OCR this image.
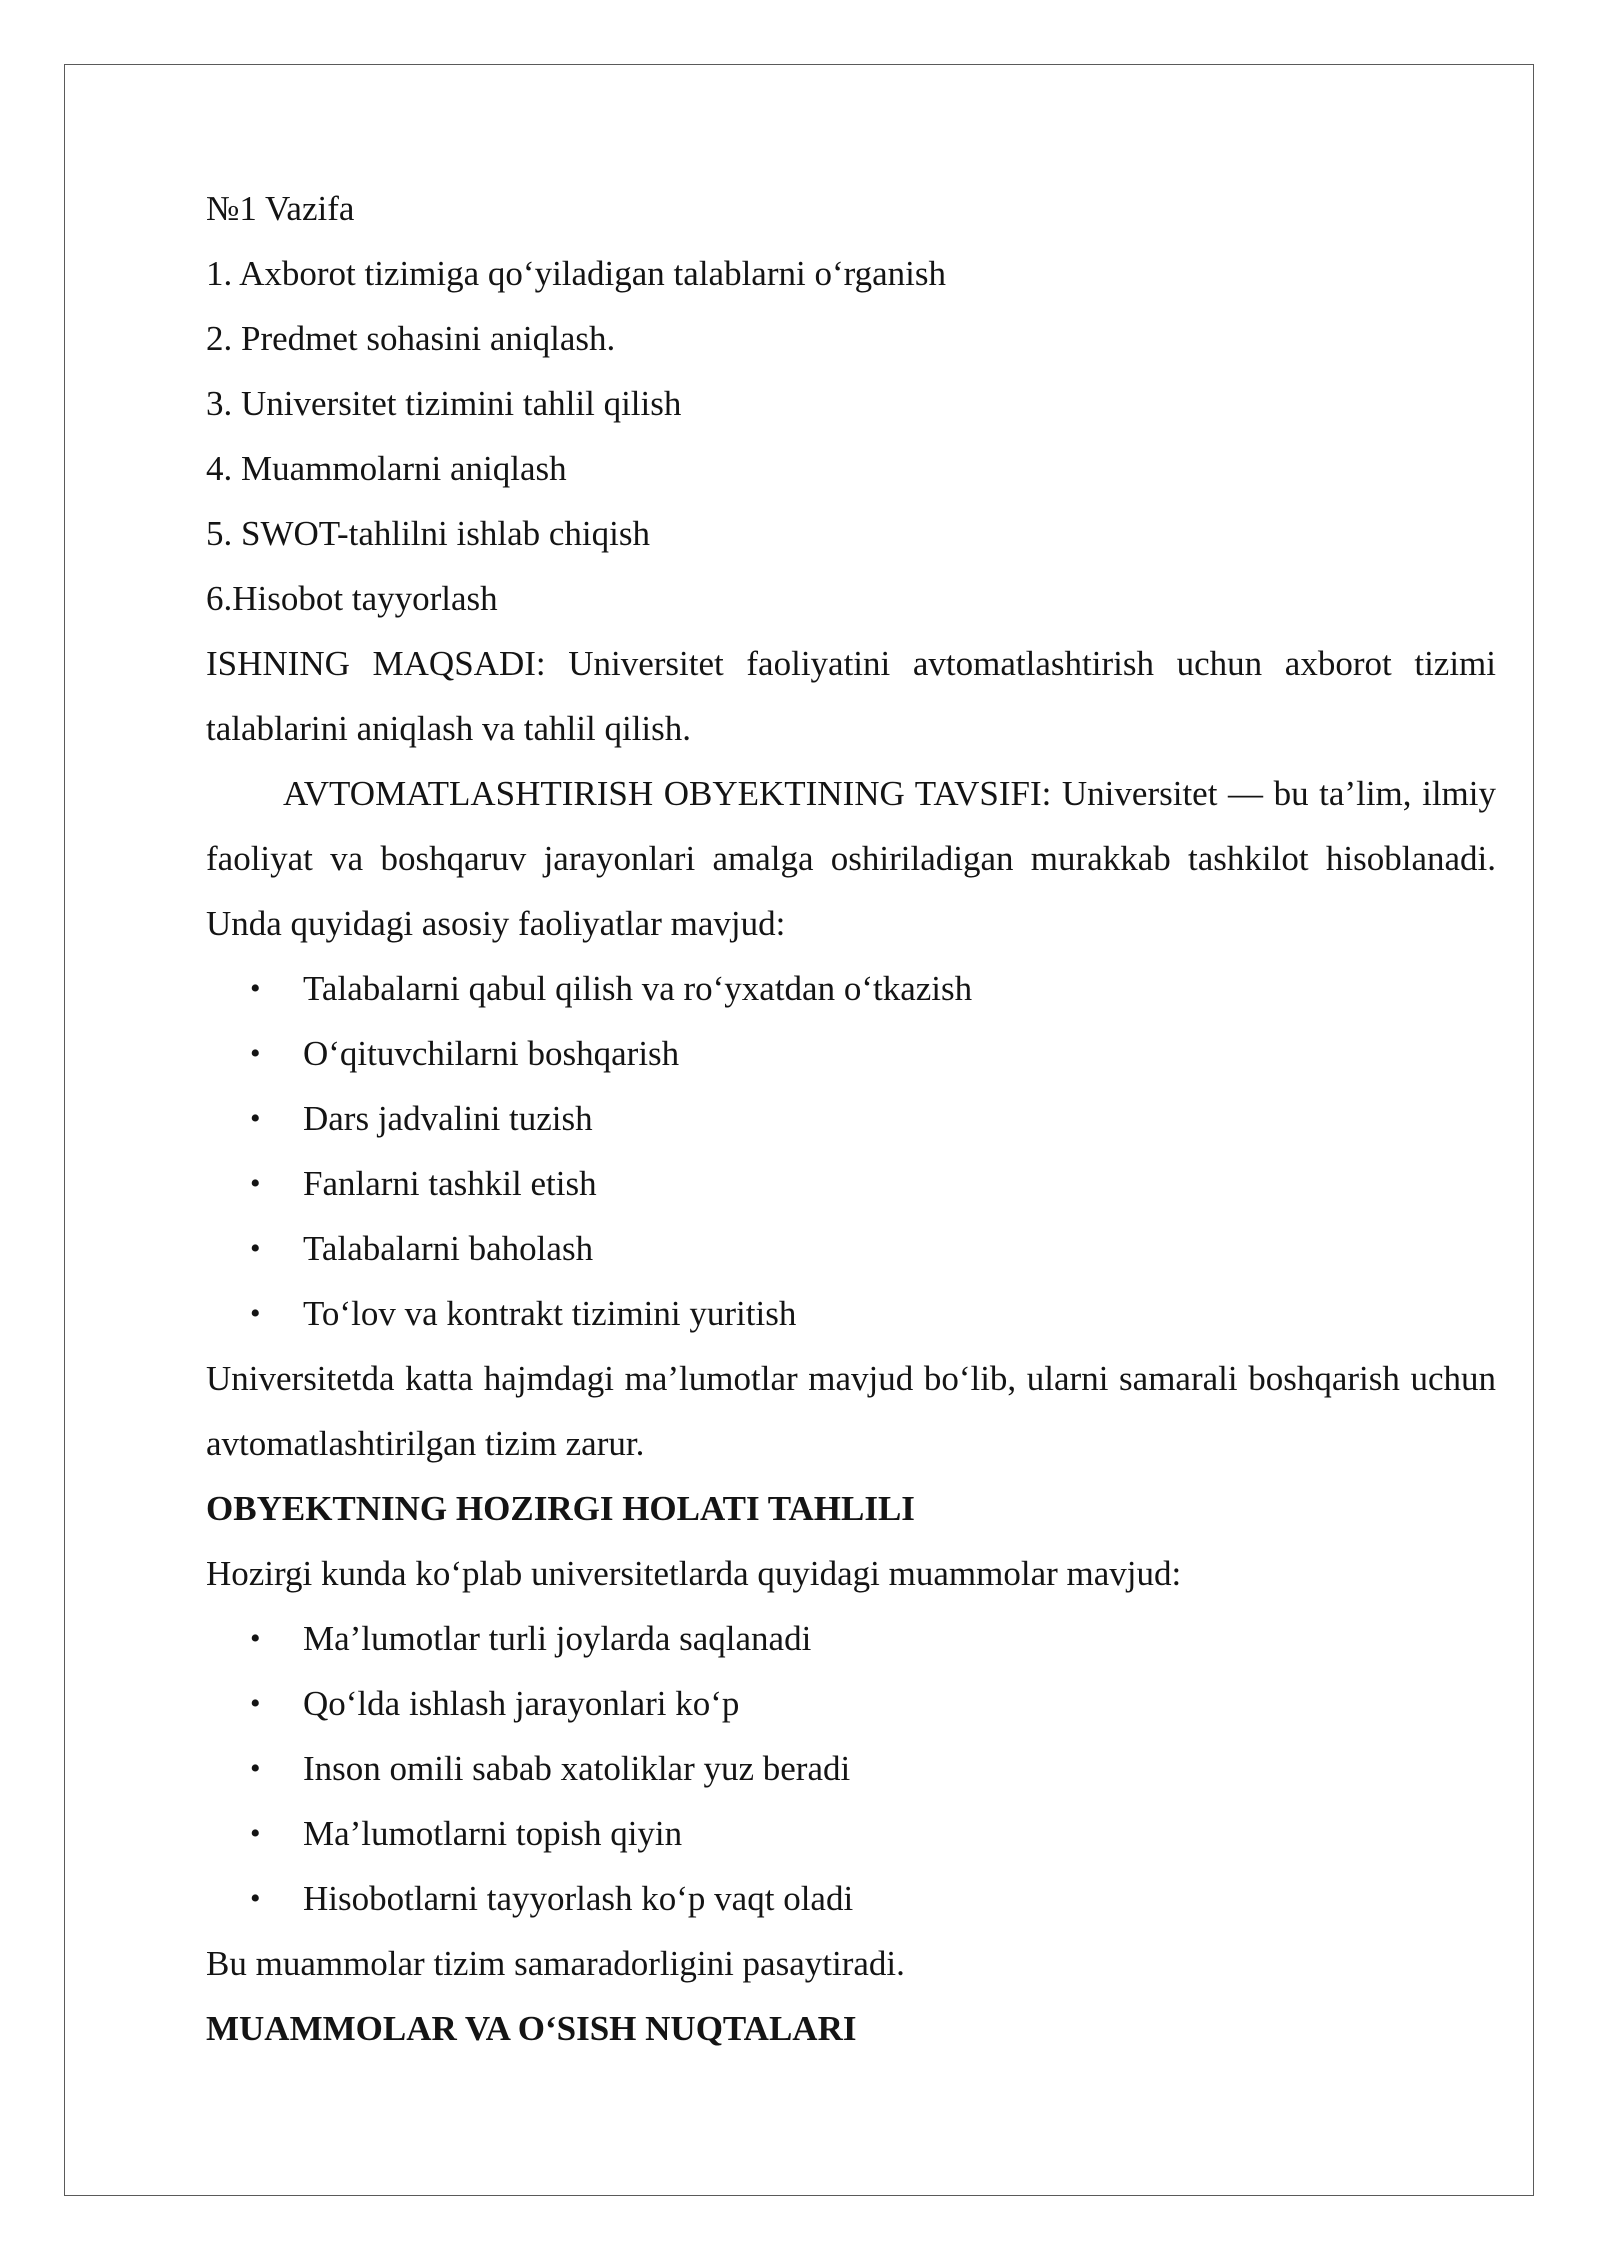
№1 Vazifa

1. Axborot tizimiga qoʻyiladigan talablarni oʻrganish

2. Predmet sohasini aniqlash.

3. Universitet tizimini tahlil qilish

4. Muammolarni aniqlash

5. SWOT-tahlilni ishlab chiqish

6.Hisobot tayyorlash

ISHNING MAQSADI: Universitet faoliyatini avtomatlashtirish uchun axborot tizimi talablarini aniqlash va tahlil qilish.

AVTOMATLASHTIRISH OBYEKTINING TAVSIFI: Universitet — bu ta’lim, ilmiy faoliyat va boshqaruv jarayonlari amalga oshiriladigan murakkab tashkilot hisoblanadi. Unda quyidagi asosiy faoliyatlar mavjud:

• Talabalarni qabul qilish va roʻyxatdan oʻtkazish
• Oʻqituvchilarni boshqarish
• Dars jadvalini tuzish
• Fanlarni tashkil etish
• Talabalarni baholash
• Toʻlov va kontrakt tizimini yuritish

Universitetda katta hajmdagi ma’lumotlar mavjud boʻlib, ularni samarali boshqarish uchun avtomatlashtirilgan tizim zarur.

OBYEKTNING HOZIRGI HOLATI TAHLILI

Hozirgi kunda koʻplab universitetlarda quyidagi muammolar mavjud:

• Ma’lumotlar turli joylarda saqlanadi
• Qoʻlda ishlash jarayonlari koʻp
• Inson omili sabab xatoliklar yuz beradi
• Ma’lumotlarni topish qiyin
• Hisobotlarni tayyorlash koʻp vaqt oladi

Bu muammolar tizim samaradorligini pasaytiradi.

MUAMMOLAR VA OʻSISH NUQTALARI
